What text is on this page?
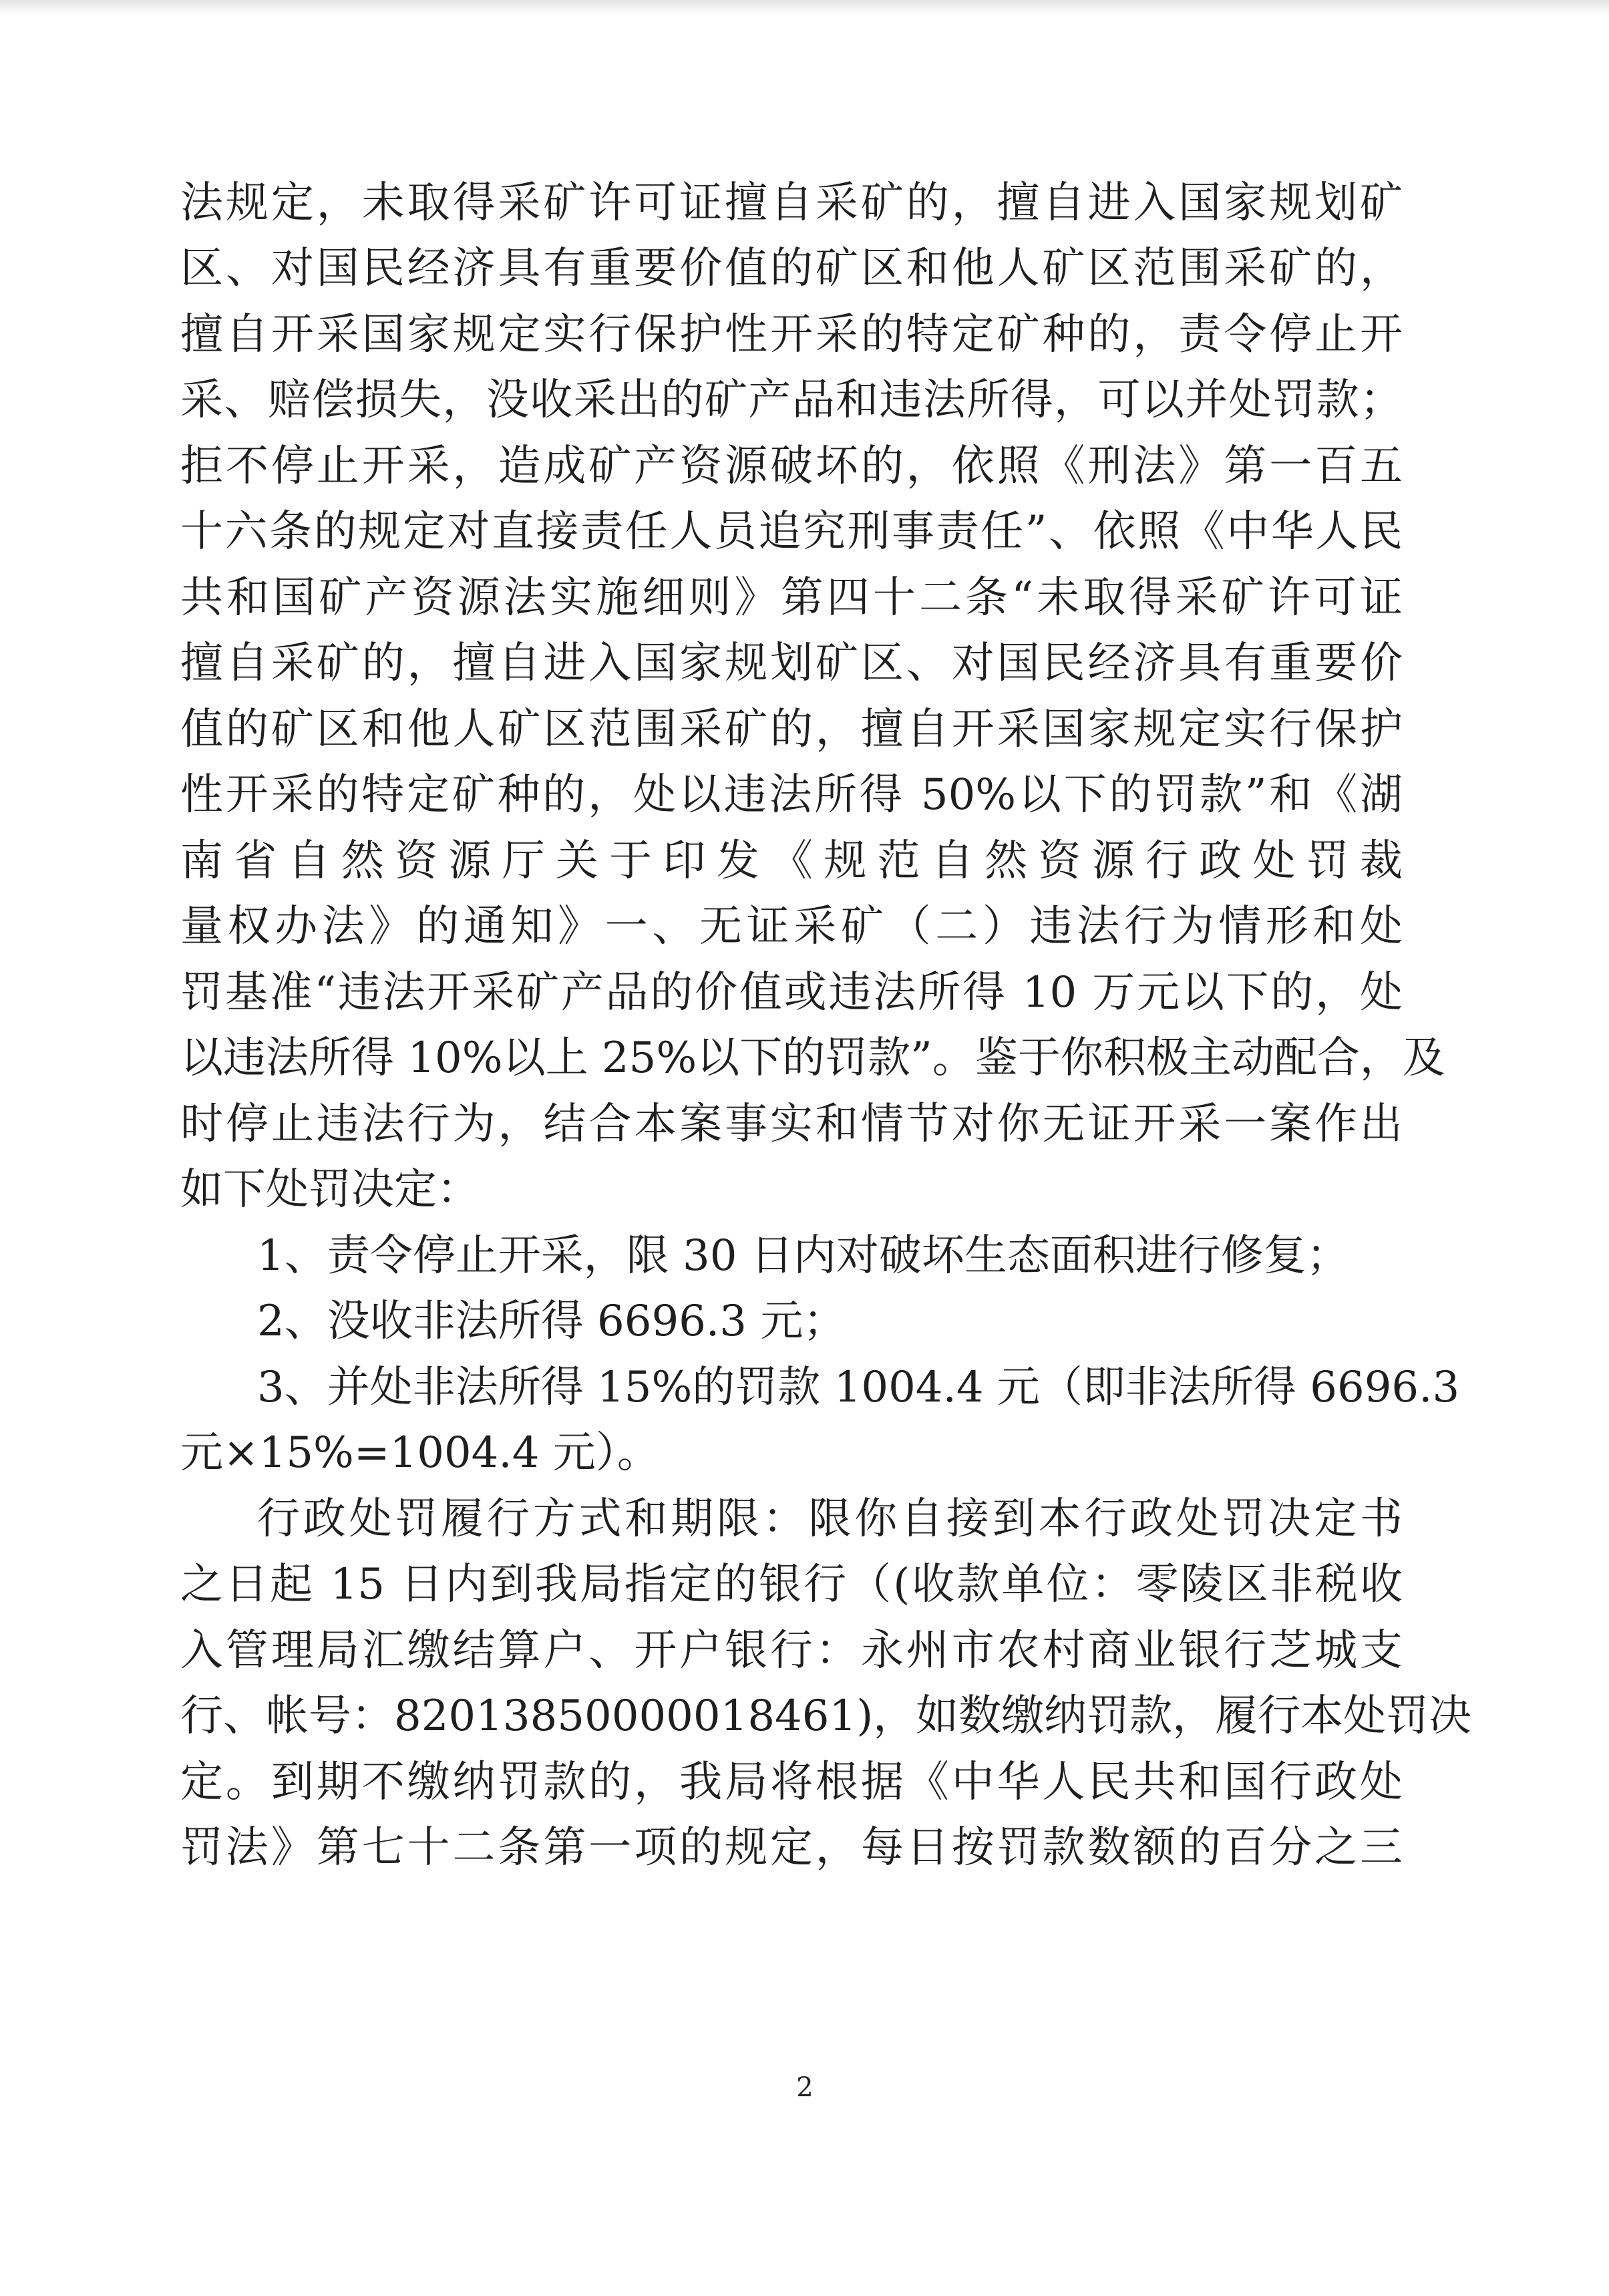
法规定，未取得采矿许可证擅自采矿的，擅自进入国家规划矿
区、对国民经济具有重要价值的矿区和他人矿区范围采矿的，
擅自开采国家规定实行保护性开采的特定矿种的，责令停止开
采、赔偿损失，没收采出的矿产品和违法所得，可以并处罚款；
拒不停止开采，造成矿产资源破坏的，依照《刑法》第一百五
十六条的规定对直接责任人员追究刑事责任”、依照《中华人民
共和国矿产资源法实施细则》第四十二条“未取得采矿许可证
擅自采矿的，擅自进入国家规划矿区、对国民经济具有重要价
值的矿区和他人矿区范围采矿的，擅自开采国家规定实行保护
性开采的特定矿种的，处以违法所得 50%以下的罚款”和《湖
南省自然资源厅关于印发《规范自然资源行政处罚裁
量权办法》的通知》一、无证采矿（二）违法行为情形和处
罚基准“违法开采矿产品的价值或违法所得 10 万元以下的，处
以违法所得 10%以上 25%以下的罚款”。鉴于你积极主动配合，及
时停止违法行为，结合本案事实和情节对你无证开采一案作出
如下处罚决定：
1、责令停止开采，限 30 日内对破坏生态面积进行修复；
2、没收非法所得 6696.3 元；
3、并处非法所得 15%的罚款 1004.4 元（即非法所得 6696.3
元×15%=1004.4 元）。
行政处罚履行方式和期限：限你自接到本行政处罚决定书
之日起 15 日内到我局指定的银行（(收款单位：零陵区非税收
入管理局汇缴结算户、开户银行：永州市农村商业银行芝城支
行、帐号：82013850000018461)，如数缴纳罚款，履行本处罚决
定。到期不缴纳罚款的，我局将根据《中华人民共和国行政处
罚法》第七十二条第一项的规定，每日按罚款数额的百分之三
2
